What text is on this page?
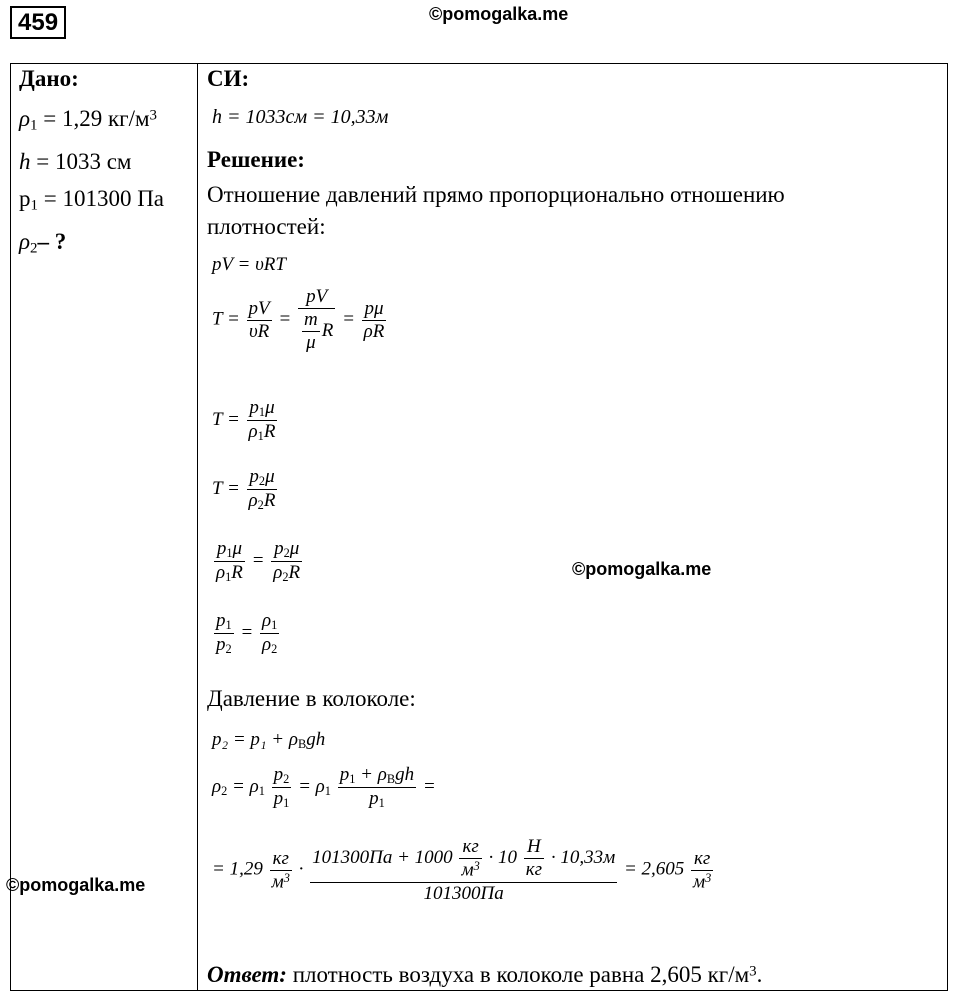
459	©pomogalka.me
Дано:
$\rho_1 = 1,29$ $кг/м^3$
h = 1033 см
$p_1 = 101300$ Па
$\rho_2-$ ?
СИ:
h = 1033см = 10,33м
Решение:
Отношение давлений прямо пропорционально отношению
плотностей:
pV = υRT
$T = \frac{pV}{\upsilon R} = \frac{pV}{\frac{m}{\mu} R} = \frac{p\mu}{\rho R}$
$T = \frac{p_1\mu}{\rho_1R}$
$T = \frac{p_2\mu}{\rho_2R}$
$\frac{p_1\mu}{\rho_1R} = \frac{p_2\mu}{\rho_2R}$
$\frac{p_1}{p_2} = \frac{\rho_1}{\rho_2}$
Давление в колоколе:
$p_2 = p_1 + \rho_Bgh$
$\rho_2 = \rho_1 \frac{p_2}{p_1} = \rho_1 \frac{p_1 + \rho_Bgh}{p_1}$ =
= $1,29 \frac{кг}{м^3} \cdot \frac{101300Па + 1000 \frac{кг}{м^3} \cdot 10 \frac{H}{кг} \cdot 10,33м}{101300Па} = 2,605 \frac{кг}{м^3}$
Ответ: плотность воздуха в колоколе равна 2,605 $кг/м^3$.
©pomogalka.me
©pomogalka.me
